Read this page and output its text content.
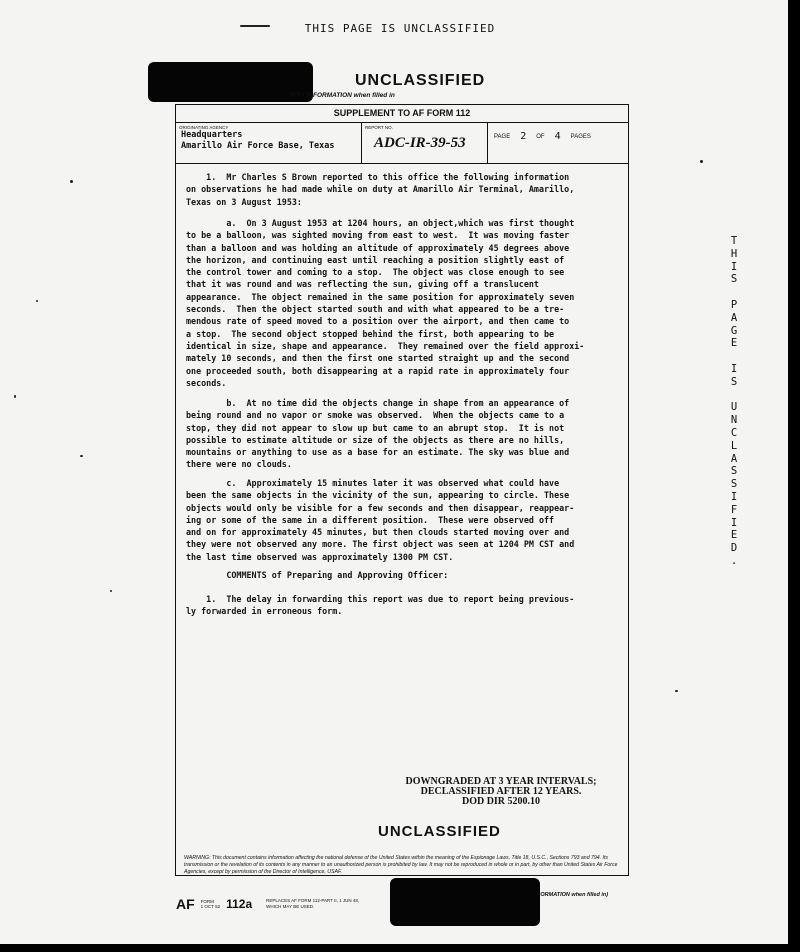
THIS PAGE IS UNCLASSIFIED
UNCLASSIFIED
RITY INFORMATION when filled in
SUPPLEMENT TO AF FORM 112
ORIGINATING AGENCY
Headquarters
Amarillo Air Force Base, Texas
REPORT NO.
ADC-IR-39-53	PAGE 2 OF 4 PAGES
1.  Mr Charles S Brown reported to this office the following information
on observations he had made while on duty at Amarillo Air Terminal, Amarillo,
Texas on 3 August 1953:
a.  On 3 August 1953 at 1204 hours, an object,which was first thought
to be a balloon, was sighted moving from east to west.  It was moving faster
than a balloon and was holding an altitude of approximately 45 degrees above
the horizon, and continuing east until reaching a position slightly east of
the control tower and coming to a stop.  The object was close enough to see
that it was round and was reflecting the sun, giving off a translucent
appearance.  The object remained in the same position for approximately seven
seconds.  Then the object started south and with what appeared to be a tre-
mendous rate of speed moved to a position over the airport, and then came to
a stop.  The second object stopped behind the first, both appearing to be
identical in size, shape and appearance.  They remained over the field approxi-
mately 10 seconds, and then the first one started straight up and the second
one proceeded south, both disappearing at a rapid rate in approximately four
seconds.
b.  At no time did the objects change in shape from an appearance of
being round and no vapor or smoke was observed.  When the objects came to a
stop, they did not appear to slow up but came to an abrupt stop.  It is not
possible to estimate altitude or size of the objects as there are no hills,
mountains or anything to use as a base for an estimate. The sky was blue and
there were no clouds.
c.  Approximately 15 minutes later it was observed what could have
been the same objects in the vicinity of the sun, appearing to circle. These
objects would only be visible for a few seconds and then disappear, reappear-
ing or some of the same in a different position.  These were observed off
and on for approximately 45 minutes, but then clouds started moving over and
they were not observed any more. The first object was seen at 1204 PM CST and
the last time observed was approximately 1300 PM CST.
COMMENTS of Preparing and Approving Officer:
1.  The delay in forwarding this report was due to report being previous-
ly forwarded in erroneous form.
DOWNGRADED AT 3 YEAR INTERVALS;
DECLASSIFIED AFTER 12 YEARS.
DOD DIR 5200.10
UNCLASSIFIED
WARNING: This document contains information affecting the national defense of the United States within the meaning of the Espionage Laws, Title 18, U.S.C., Sections 793 and 794. Its transmission or the revelation of its contents in any manner to an unauthorized person is prohibited by law. It may not be reproduced in whole or in part, by other than United States Air Force Agencies, except by permission of the Director of Intelligence, USAF.
AF FORM
1 OCT 52 112a	REPLACES AF FORM 112-PART II, 1 JUN 48,
WHICH MAY BE USED.
FORMATION when filled in)
T
H
I
S

P
A
G
E

I
S

U
N
C
L
A
S
S
I
F
I
E
D
.
